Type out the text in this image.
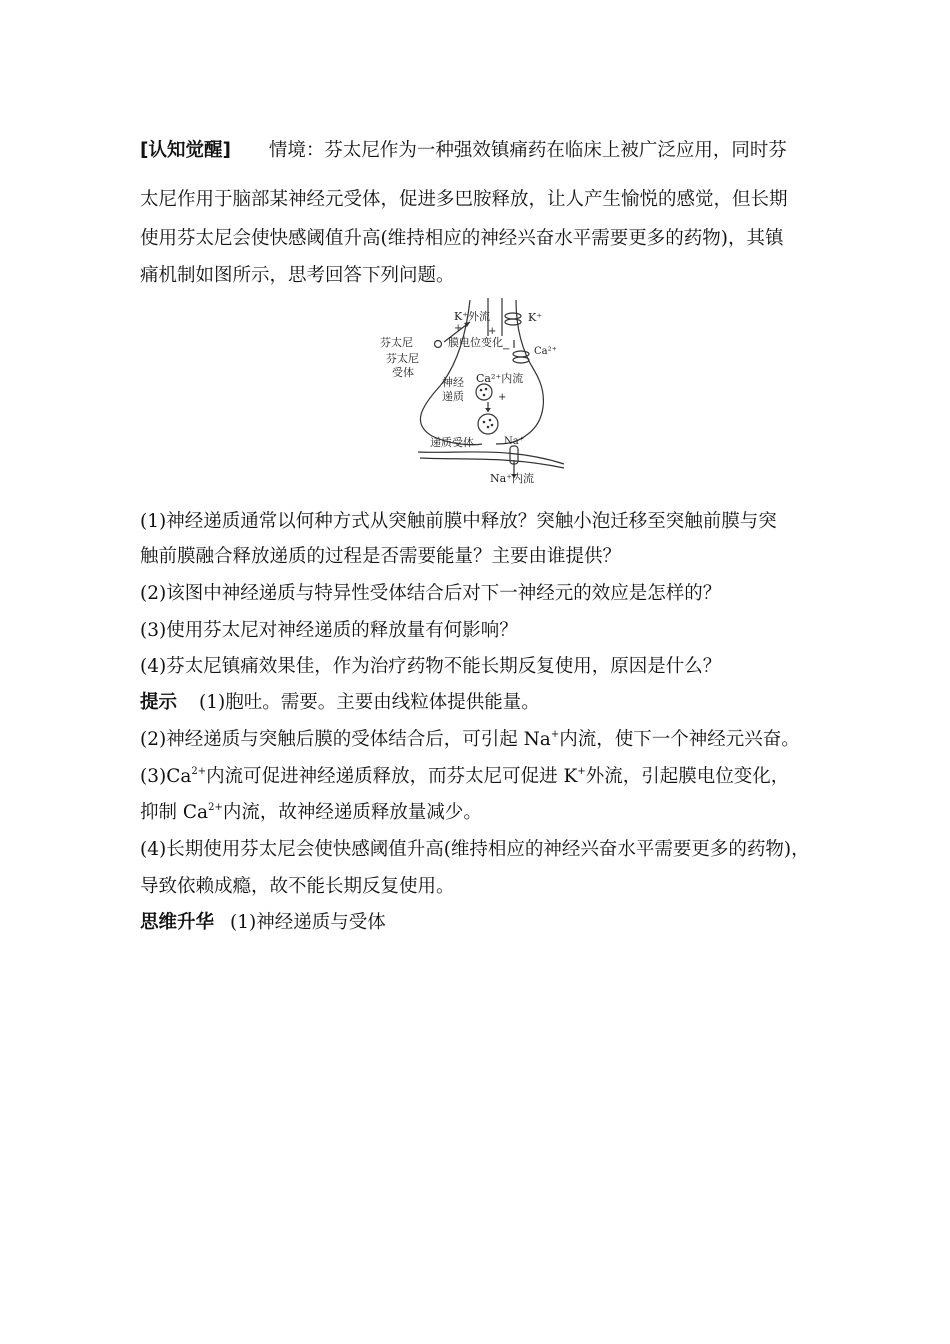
[认知觉醒] 情境：芬太尼作为一种强效镇痛药在临床上被广泛应用，同时芬
太尼作用于脑部某神经元受体，促进多巴胺释放，让人产生愉悦的感觉，但长期
使用芬太尼会使快感阈值升高(维持相应的神经兴奋水平需要更多的药物)，其镇
痛机制如图所示，思考回答下列问题。
K⁺外流	K⁺
+	+
芬太尼	膜电位变化
− Ca²⁺
芬太尼
受体
神经
递质
Ca²⁺内流
+
递质受体	Na⁺
Na⁺内流
(1)神经递质通常以何种方式从突触前膜中释放？突触小泡迁移至突触前膜与突
触前膜融合释放递质的过程是否需要能量？主要由谁提供？
(2)该图中神经递质与特异性受体结合后对下一神经元的效应是怎样的？
(3)使用芬太尼对神经递质的释放量有何影响？
(4)芬太尼镇痛效果佳，作为治疗药物不能长期反复使用，原因是什么？
提示 (1)胞吐。需要。主要由线粒体提供能量。
(2)神经递质与突触后膜的受体结合后，可引起 Na+内流，使下一个神经元兴奋。
$(3)Ca^{2+}$内流可促进神经递质释放，而芬太尼可促进 K+外流，引起膜电位变化，
抑制 $Ca^{2+}$内流，故神经递质释放量减少。
(4)长期使用芬太尼会使快感阈值升高(维持相应的神经兴奋水平需要更多的药物)，
导致依赖成瘾，故不能长期反复使用。
思维升华 (1)神经递质与受体
